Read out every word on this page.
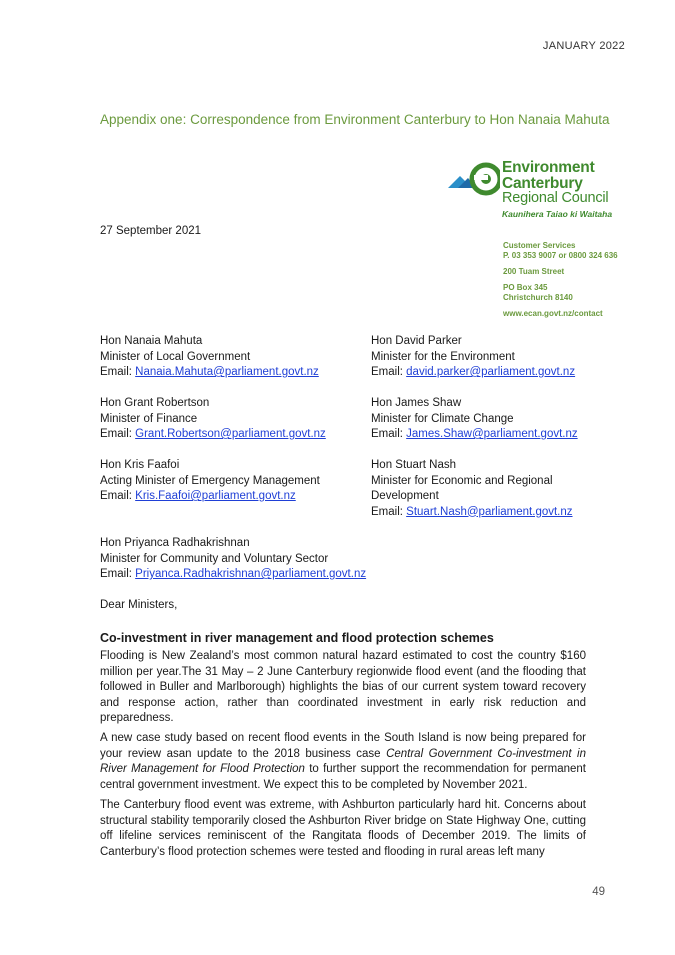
JANUARY 2022
Appendix one: Correspondence from Environment Canterbury to Hon Nanaia Mahuta
Environment
Canterbury
Regional Council
Kaunihera Taiao ki Waitaha
Customer Services
P. 03 353 9007 or 0800 324 636
200 Tuam Street
PO Box 345
Christchurch 8140
www.ecan.govt.nz/contact
27 September 2021
Hon Nanaia Mahuta
Minister of Local Government
Email: Nanaia.Mahuta@parliament.govt.nz
Hon David Parker
Minister for the Environment
Email: david.parker@parliament.govt.nz
Hon Grant Robertson
Minister of Finance
Email: Grant.Robertson@parliament.govt.nz
Hon James Shaw
Minister for Climate Change
Email: James.Shaw@parliament.govt.nz
Hon Kris Faafoi
Acting Minister of Emergency Management
Email: Kris.Faafoi@parliament.govt.nz
Hon Stuart Nash
Minister for Economic and Regional Development
Email: Stuart.Nash@parliament.govt.nz
Hon Priyanca Radhakrishnan
Minister for Community and Voluntary Sector
Email: Priyanca.Radhakrishnan@parliament.govt.nz
Dear Ministers,
Co-investment in river management and flood protection schemes
Flooding is New Zealand’s most common natural hazard estimated to cost the country $160 million per year.The 31 May – 2 June Canterbury regionwide flood event (and the flooding that followed in Buller and Marlborough) highlights the bias of our current system toward recovery and response action, rather than coordinated investment in early risk reduction and preparedness.
A new case study based on recent flood events in the South Island is now being prepared for your review asan update to the 2018 business case Central Government Co-investment in River Management for Flood Protection to further support the recommendation for permanent central government investment. We expect this to be completed by November 2021.
The Canterbury flood event was extreme, with Ashburton particularly hard hit. Concerns about structural stability temporarily closed the Ashburton River bridge on State Highway One, cutting off lifeline services reminiscent of the Rangitata floods of December 2019. The limits of Canterbury’s flood protection schemes were tested and flooding in rural areas left many
49
